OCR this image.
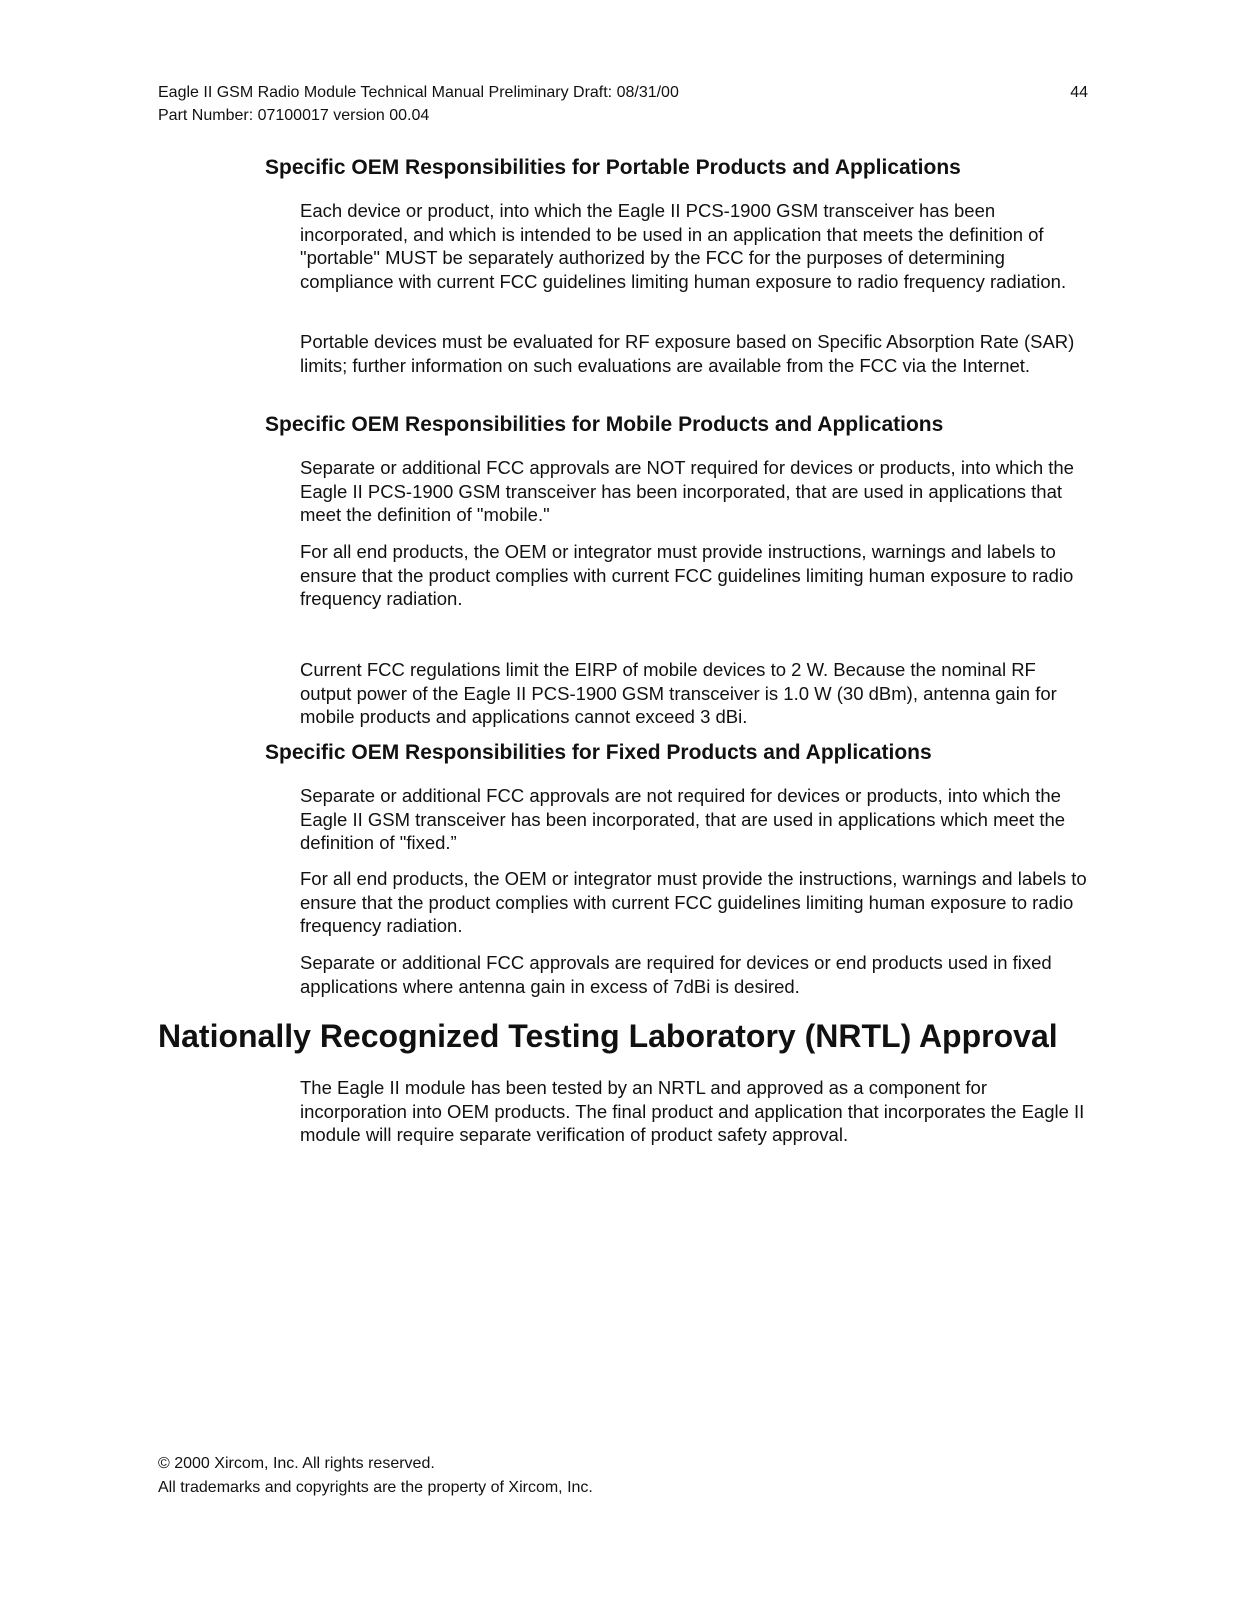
Eagle II GSM Radio Module Technical Manual Preliminary Draft: 08/31/00
Part Number: 07100017 version 00.04
44
Specific OEM Responsibilities for Portable Products and Applications
Each device or product, into which the Eagle II PCS-1900 GSM transceiver has been incorporated, and which is intended to be used in an application that meets the definition of "portable" MUST be separately authorized by the FCC for the purposes of determining compliance with current FCC guidelines limiting human exposure to radio frequency radiation.
Portable devices must be evaluated for RF exposure based on Specific Absorption Rate (SAR) limits; further information on such evaluations are available from the FCC via the Internet.
Specific OEM Responsibilities for Mobile Products and Applications
Separate or additional FCC approvals are NOT required for devices or products, into which the Eagle II PCS-1900 GSM transceiver has been incorporated, that are used in applications that meet the definition of "mobile."
For all end products, the OEM or integrator must provide instructions, warnings and labels to ensure that the product complies with current FCC guidelines limiting human exposure to radio frequency radiation.
Current FCC regulations limit the EIRP of mobile devices to 2 W. Because the nominal RF output power of the Eagle II PCS-1900 GSM transceiver is 1.0 W (30 dBm), antenna gain for mobile products and applications cannot exceed 3 dBi.
Specific OEM Responsibilities for Fixed Products and Applications
Separate or additional FCC approvals are not required for devices or products, into which the Eagle II GSM transceiver has been incorporated, that are used in applications which meet the definition of "fixed.”
For all end products, the OEM or integrator must provide the instructions, warnings and labels to ensure that the product complies with current FCC guidelines limiting human exposure to radio frequency radiation.
Separate or additional FCC approvals are required for devices or end products used in fixed applications where antenna gain in excess of 7dBi is desired.
Nationally Recognized Testing Laboratory (NRTL) Approval
The Eagle II module has been tested by an NRTL and approved as a component for incorporation into OEM products. The final product and application that incorporates the Eagle II module will require separate verification of product safety approval.
© 2000 Xircom, Inc. All rights reserved.
All trademarks and copyrights are the property of Xircom, Inc.
